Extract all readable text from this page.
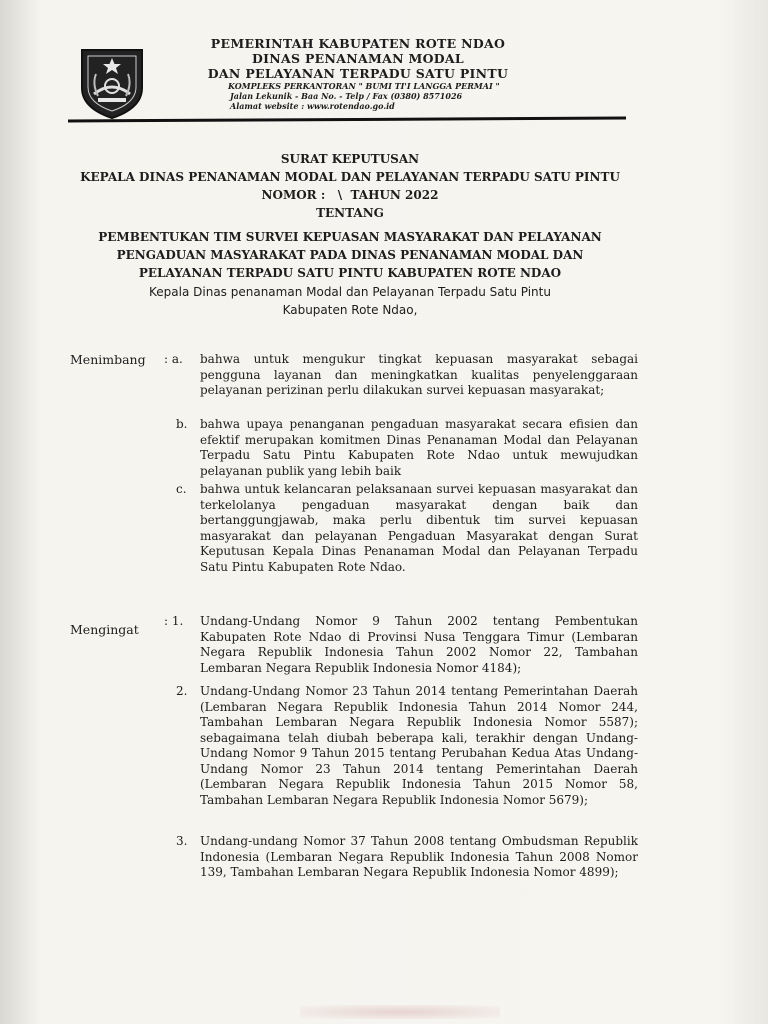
PEMERINTAH KABUPATEN ROTE NDAO
DINAS PENANAMAN MODAL
DAN PELAYANAN TERPADU SATU PINTU
KOMPLEKS PERKANTORAN " BUMI TI'I LANGGA PERMAI "
Jalan Lekunik - Baa No. - Telp / Fax (0380) 8571026
Alamat website : www.rotendao.go.id
SURAT KEPUTUSAN
KEPALA DINAS PENANAMAN MODAL DAN PELAYANAN TERPADU SATU PINTU
NOMOR :   \  TAHUN 2022
TENTANG
PEMBENTUKAN TIM SURVEI KEPUASAN MASYARAKAT DAN PELAYANAN
PENGADUAN MASYARAKAT PADA DINAS PENANAMAN MODAL DAN
PELAYANAN TERPADU SATU PINTU KABUPATEN ROTE NDAO
Kepala Dinas penanaman Modal dan Pelayanan Terpadu Satu Pintu
Kabupaten Rote Ndao,
Menimbang	: a.	bahwa untuk mengukur tingkat kepuasan masyarakat sebagai pengguna layanan dan meningkatkan kualitas penyelenggaraan pelayanan perizinan perlu dilakukan survei kepuasan masyarakat;
b.	bahwa upaya penanganan pengaduan masyarakat secara efisien dan efektif merupakan komitmen Dinas Penanaman Modal dan Pelayanan Terpadu Satu Pintu Kabupaten Rote Ndao untuk mewujudkan pelayanan publik yang lebih baik
c.	bahwa untuk kelancaran pelaksanaan survei kepuasan masyarakat dan terkelolanya pengaduan masyarakat dengan baik dan bertanggungjawab, maka perlu dibentuk tim survei kepuasan masyarakat dan pelayanan Pengaduan Masyarakat dengan Surat Keputusan Kepala Dinas Penanaman Modal dan Pelayanan Terpadu Satu Pintu Kabupaten Rote Ndao.
Mengingat
: 1.	Undang-Undang Nomor 9 Tahun 2002 tentang Pembentukan Kabupaten Rote Ndao di Provinsi Nusa Tenggara Timur (Lembaran Negara Republik Indonesia Tahun 2002 Nomor 22, Tambahan Lembaran Negara Republik Indonesia Nomor 4184);
2.	Undang-Undang Nomor 23 Tahun 2014 tentang Pemerintahan Daerah (Lembaran Negara Republik Indonesia Tahun 2014 Nomor 244, Tambahan Lembaran Negara Republik Indonesia Nomor 5587); sebagaimana telah diubah beberapa kali, terakhir dengan Undang-Undang Nomor 9 Tahun 2015 tentang Perubahan Kedua Atas Undang-Undang Nomor 23 Tahun 2014 tentang Pemerintahan Daerah (Lembaran Negara Republik Indonesia Tahun 2015 Nomor 58, Tambahan Lembaran Negara Republik Indonesia Nomor 5679);
3.	Undang-undang Nomor 37 Tahun 2008 tentang Ombudsman Republik Indonesia (Lembaran Negara Republik Indonesia Tahun 2008 Nomor 139, Tambahan Lembaran Negara Republik Indonesia Nomor 4899);
